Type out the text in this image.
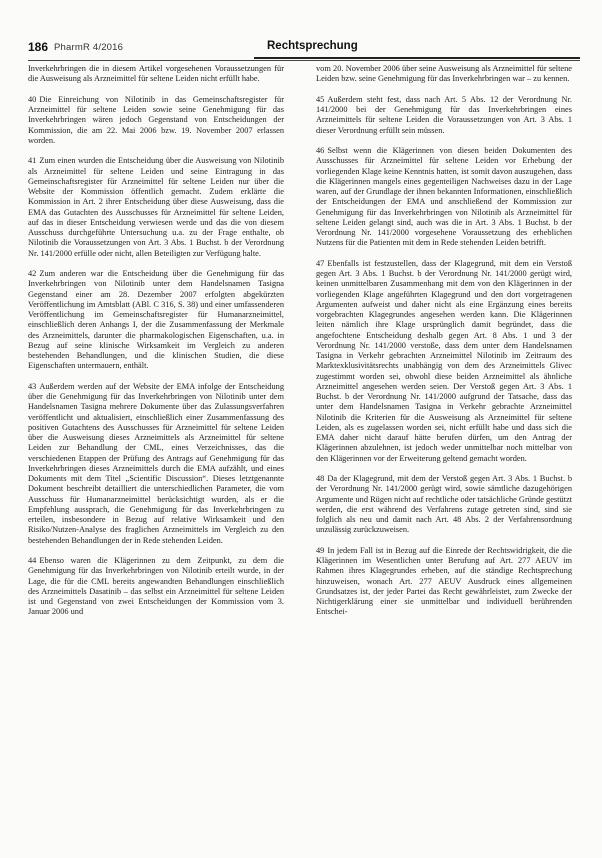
186 PharmR 4/2016	Rechtsprechung

Inverkehrbringen die in diesem Artikel vorgesehenen Voraussetzungen für die Ausweisung als Arzneimittel für seltene Leiden nicht erfüllt habe.

40 Die Einreichung von Nilotinib in das Gemeinschaftsregister für Arzneimittel für seltene Leiden sowie seine Genehmigung für das Inverkehrbringen wären jedoch Gegenstand von Entscheidungen der Kommission, die am 22. Mai 2006 bzw. 19. November 2007 erlassen worden.

41 Zum einen wurden die Entscheidung über die Ausweisung von Nilotinib als Arzneimittel für seltene Leiden und seine Eintragung in das Gemeinschaftsregister für Arzneimittel für seltene Leiden nur über die Website der Kommission öffentlich gemacht. Zudem erklärte die Kommission in Art. 2 ihrer Entscheidung über diese Ausweisung, dass die EMA das Gutachten des Ausschusses für Arzneimittel für seltene Leiden, auf das in dieser Entscheidung verwiesen werde und das die von diesem Ausschuss durchgeführte Untersuchung u.a. zu der Frage enthalte, ob Nilotinib die Voraussetzungen von Art. 3 Abs. 1 Buchst. b der Verordnung Nr. 141/2000 erfülle oder nicht, allen Beteiligten zur Verfügung halte.

42 Zum anderen war die Entscheidung über die Genehmigung für das Inverkehrbringen von Nilotinib unter dem Handelsnamen Tasigna Gegenstand einer am 28. Dezember 2007 erfolgten abgekürzten Veröffentlichung im Amtsblatt (ABl. C 316, S. 38) und einer umfassenderen Veröffentlichung im Gemeinschaftsregister für Humanarzneimittel, einschließlich deren Anhangs I, der die Zusammenfassung der Merkmale des Arzneimittels, darunter die pharmakologischen Eigenschaften, u.a. in Bezug auf seine klinische Wirksamkeit im Vergleich zu anderen bestehenden Behandlungen, und die klinischen Studien, die diese Eigenschaften untermauern, enthält.

43 Außerdem werden auf der Website der EMA infolge der Entscheidung über die Genehmigung für das Inverkehrbringen von Nilotinib unter dem Handelsnamen Tasigna mehrere Dokumente über das Zulassungsverfahren veröffentlicht und aktualisiert, einschließlich einer Zusammenfassung des positiven Gutachtens des Ausschusses für Arzneimittel für seltene Leiden über die Ausweisung dieses Arzneimittels als Arzneimittel für seltene Leiden zur Behandlung der CML, eines Verzeichnisses, das die verschiedenen Etappen der Prüfung des Antrags auf Genehmigung für das Inverkehrbringen dieses Arzneimittels durch die EMA aufzählt, und eines Dokuments mit dem Titel „Scientific Discussion“. Dieses letztgenannte Dokument beschreibt detailliert die unterschiedlichen Parameter, die vom Ausschuss für Humanarzneimittel berücksichtigt wurden, als er die Empfehlung aussprach, die Genehmigung für das Inverkehrbringen zu erteilen, insbesondere in Bezug auf relative Wirksamkeit und den Risiko/Nutzen-Analyse des fraglichen Arzneimittels im Vergleich zu den bestehenden Behandlungen der in Rede stehenden Leiden.

44 Ebenso waren die Klägerinnen zu dem Zeitpunkt, zu dem die Genehmigung für das Inverkehrbringen von Nilotinib erteilt wurde, in der Lage, die für die CML bereits angewandten Behandlungen einschließlich des Arzneimittels Dasatinib – das selbst ein Arzneimittel für seltene Leiden ist und Gegenstand von zwei Entscheidungen der Kommission vom 3. Januar 2006 und

vom 20. November 2006 über seine Ausweisung als Arzneimittel für seltene Leiden bzw. seine Genehmigung für das Inverkehrbringen war – zu kennen.

45 Außerdem steht fest, dass nach Art. 5 Abs. 12 der Verordnung Nr. 141/2000 bei der Genehmigung für das Inverkehrbringen eines Arzneimittels für seltene Leiden die Voraussetzungen von Art. 3 Abs. 1 dieser Verordnung erfüllt sein müssen.

46 Selbst wenn die Klägerinnen von diesen beiden Dokumenten des Ausschusses für Arzneimittel für seltene Leiden vor Erhebung der vorliegenden Klage keine Kenntnis hatten, ist somit davon auszugehen, dass die Klägerinnen mangels eines gegenteiligen Nachweises dazu in der Lage waren, auf der Grundlage der ihnen bekannten Informationen, einschließlich der Entscheidungen der EMA und anschließend der Kommission zur Genehmigung für das Inverkehrbringen von Nilotinib als Arzneimittel für seltene Leiden gelangt sind, auch was die in Art. 3 Abs. 1 Buchst. b der Verordnung Nr. 141/2000 vorgesehene Voraussetzung des erheblichen Nutzens für die Patienten mit dem in Rede stehenden Leiden betrifft.

47 Ebenfalls ist festzustellen, dass der Klagegrund, mit dem ein Verstoß gegen Art. 3 Abs. 1 Buchst. b der Verordnung Nr. 141/2000 gerügt wird, keinen unmittelbaren Zusammenhang mit dem von den Klägerinnen in der vorliegenden Klage angeführten Klagegrund und den dort vorgetragenen Argumenten aufweist und daher nicht als eine Ergänzung eines bereits vorgebrachten Klagegrundes angesehen werden kann. Die Klägerinnen leiten nämlich ihre Klage ursprünglich damit begründet, dass die angefochtene Entscheidung deshalb gegen Art. 8 Abs. 1 und 3 der Verordnung Nr. 141/2000 verstoße, dass dem unter dem Handelsnamen Tasigna in Verkehr gebrachten Arzneimittel Nilotinib im Zeitraum des Marktexklusivitätsrechts unabhängig von dem des Arzneimittels Glivec zugestimmt worden sei, obwohl diese beiden Arzneimittel als ähnliche Arzneimittel angesehen werden seien. Der Verstoß gegen Art. 3 Abs. 1 Buchst. b der Verordnung Nr. 141/2000 aufgrund der Tatsache, dass das unter dem Handelsnamen Tasigna in Verkehr gebrachte Arzneimittel Nilotinib die Kriterien für die Ausweisung als Arzneimittel für seltene Leiden, als es zugelassen worden sei, nicht erfüllt habe und dass sich die EMA daher nicht darauf hätte berufen dürfen, um den Antrag der Klägerinnen abzulehnen, ist jedoch weder unmittelbar noch mittelbar von den Klägerinnen vor der Erweiterung geltend gemacht worden.

48 Da der Klagegrund, mit dem der Verstoß gegen Art. 3 Abs. 1 Buchst. b der Verordnung Nr. 141/2000 gerügt wird, sowie sämtliche dazugehörigen Argumente und Rügen nicht auf rechtliche oder tatsächliche Gründe gestützt werden, die erst während des Verfahrens zutage getreten sind, sind sie folglich als neu und damit nach Art. 48 Abs. 2 der Verfahrensordnung unzulässig zurückzuweisen.

49 In jedem Fall ist in Bezug auf die Einrede der Rechtswidrigkeit, die die Klägerinnen im Wesentlichen unter Berufung auf Art. 277 AEUV im Rahmen ihres Klagegrundes erheben, auf die ständige Rechtsprechung hinzuweisen, wonach Art. 277 AEUV Ausdruck eines allgemeinen Grundsatzes ist, der jeder Partei das Recht gewährleistet, zum Zwecke der Nichtigerklärung einer sie unmittelbar und individuell berührenden Entschei-
